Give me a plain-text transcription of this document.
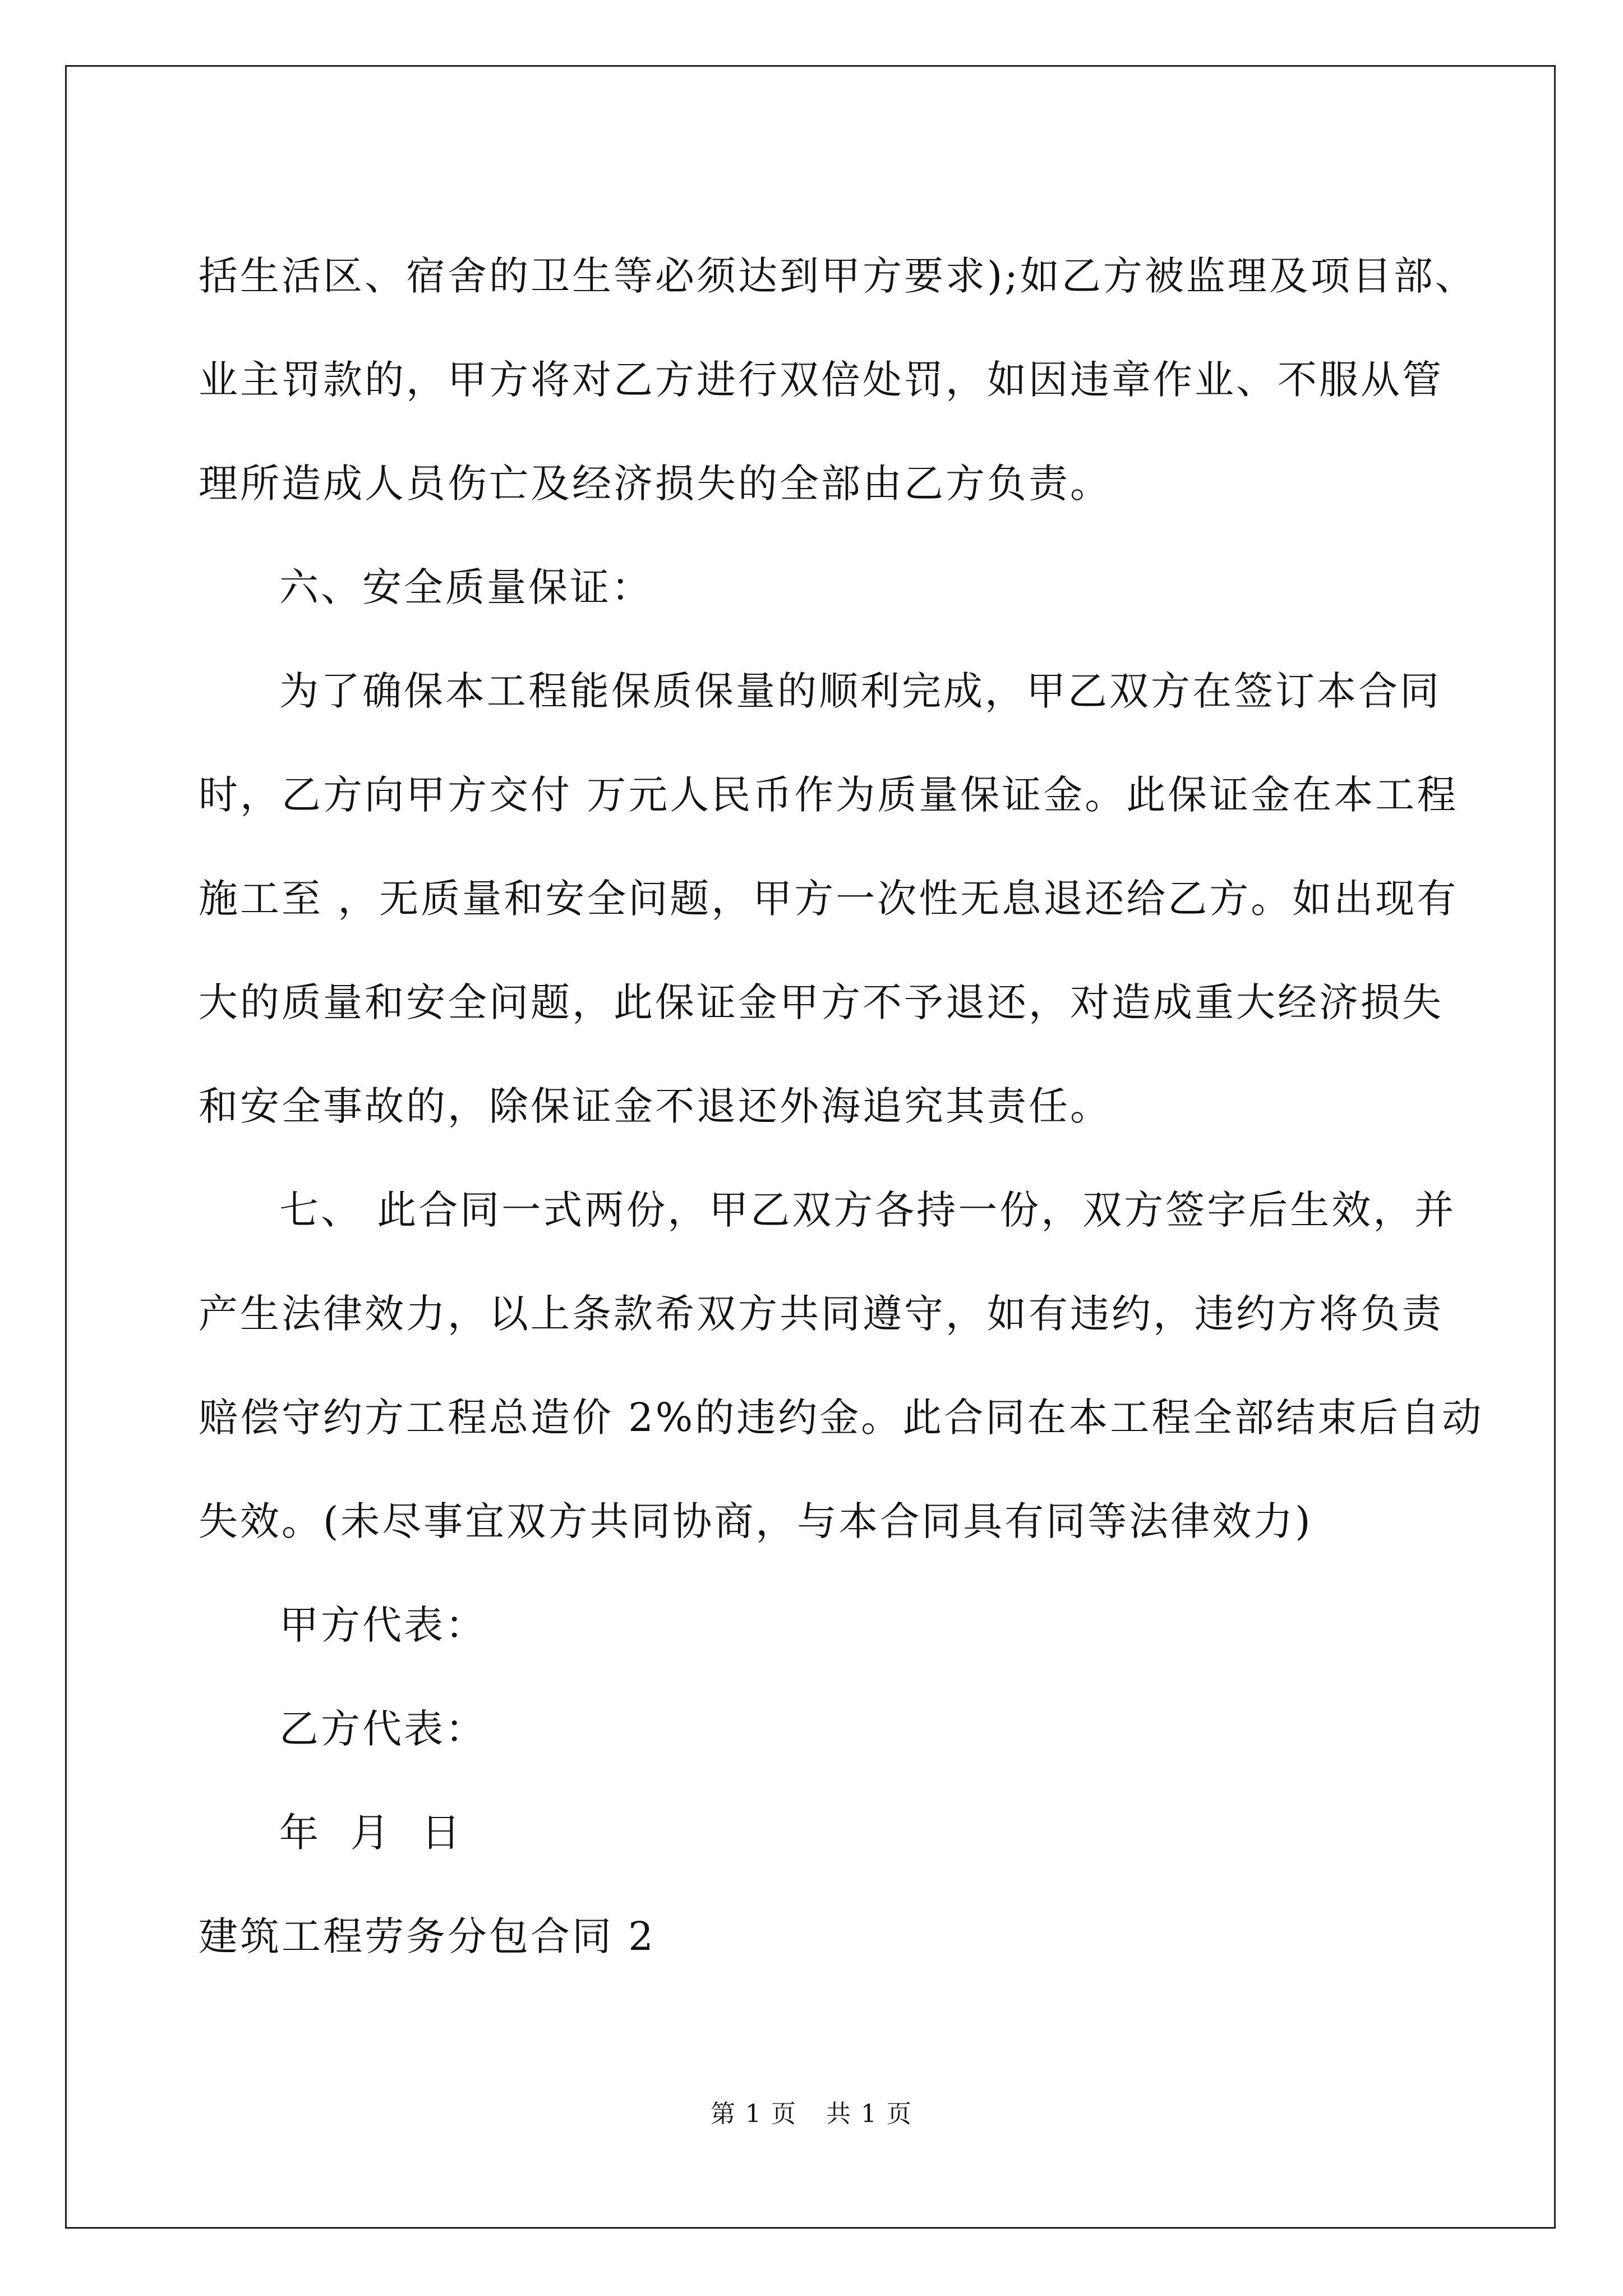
括生活区、宿舍的卫生等必须达到甲方要求);如乙方被监理及项目部、
业主罚款的，甲方将对乙方进行双倍处罚，如因违章作业、不服从管
理所造成人员伤亡及经济损失的全部由乙方负责。
六、安全质量保证：
为了确保本工程能保质保量的顺利完成，甲乙双方在签订本合同
时，乙方向甲方交付 万元人民币作为质量保证金。此保证金在本工程
施工至 ，无质量和安全问题，甲方一次性无息退还给乙方。如出现有
大的质量和安全问题，此保证金甲方不予退还，对造成重大经济损失
和安全事故的，除保证金不退还外海追究其责任。
七、 此合同一式两份，甲乙双方各持一份，双方签字后生效，并
产生法律效力，以上条款希双方共同遵守，如有违约，违约方将负责
赔偿守约方工程总造价 2%的违约金。此合同在本工程全部结束后自动
失效。(未尽事宜双方共同协商，与本合同具有同等法律效力)
甲方代表：
乙方代表：
年  月  日
建筑工程劳务分包合同 2
第 1 页 共 1 页
